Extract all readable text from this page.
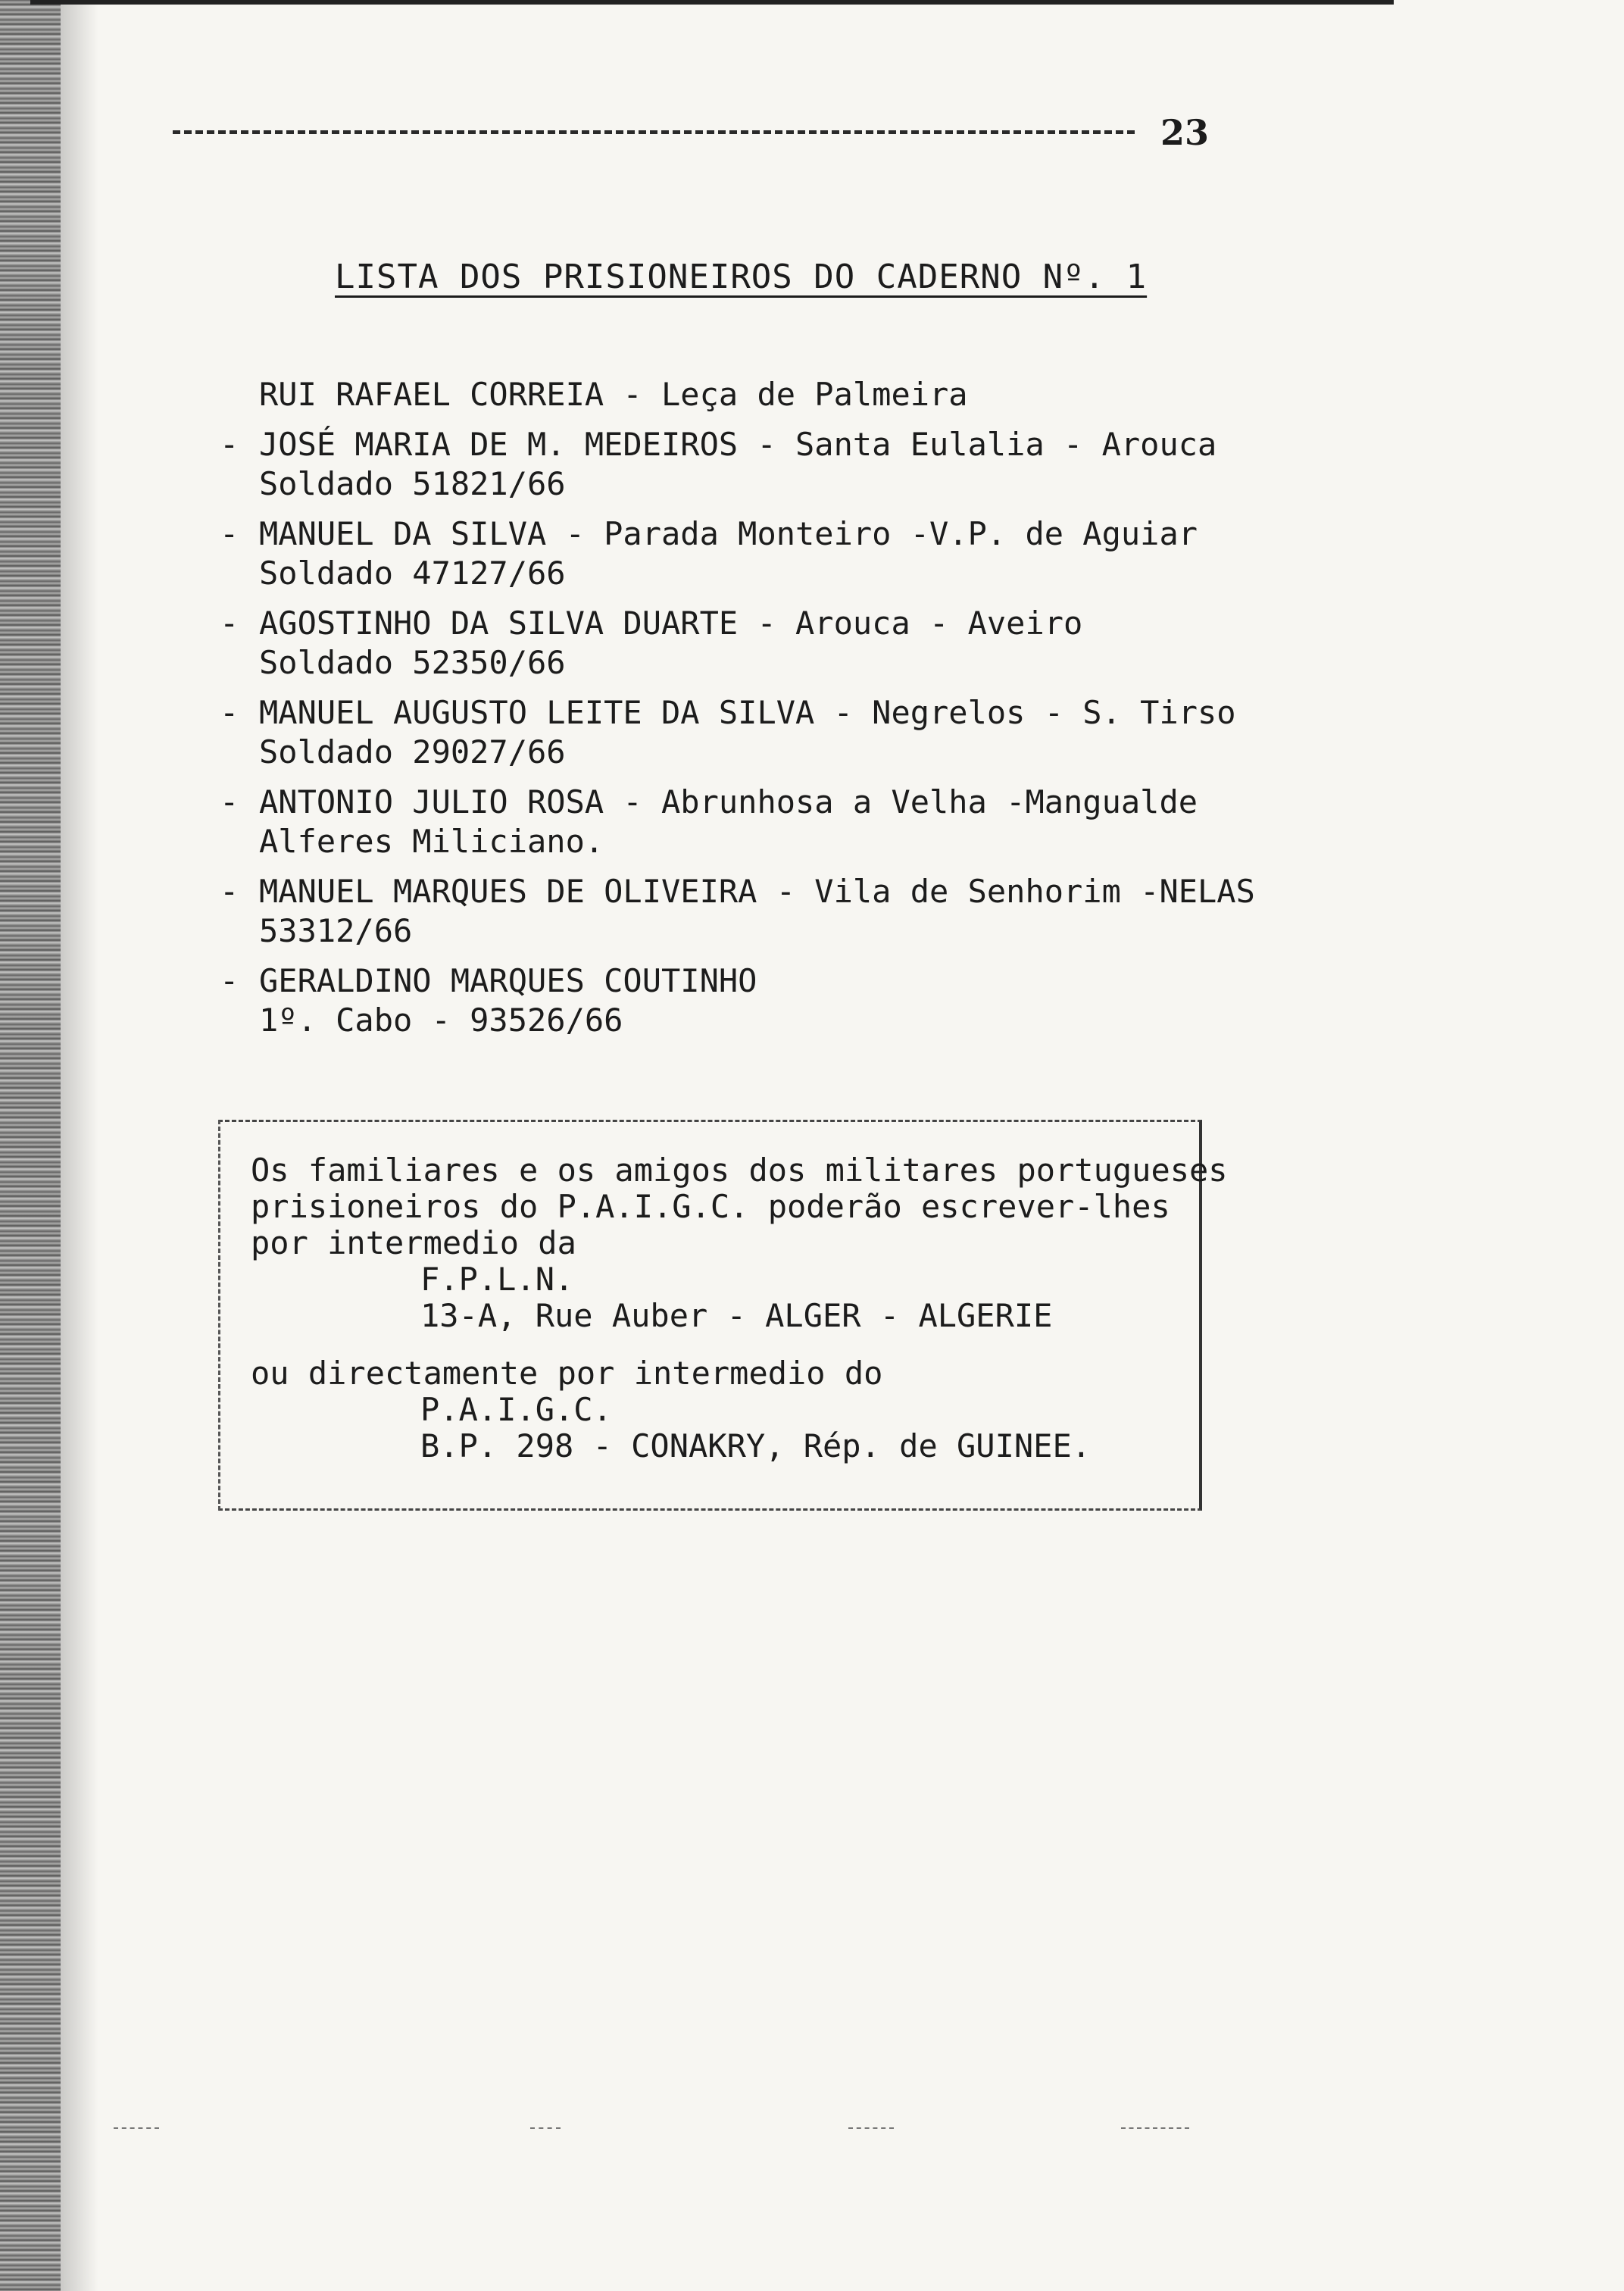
23
LISTA DOS PRISIONEIROS DO CADERNO Nº. 1
RUI RAFAEL CORREIA - Leça de Palmeira
- JOSÉ MARIA DE M. MEDEIROS - Santa Eulalia - Arouca
Soldado 51821/66
- MANUEL DA SILVA - Parada Monteiro -V.P. de Aguiar
Soldado 47127/66
- AGOSTINHO DA SILVA DUARTE - Arouca - Aveiro
Soldado 52350/66
- MANUEL AUGUSTO LEITE DA SILVA - Negrelos - S. Tirso
Soldado 29027/66
- ANTONIO JULIO ROSA - Abrunhosa a Velha -Mangualde
Alferes Miliciano.
- MANUEL MARQUES DE OLIVEIRA - Vila de Senhorim -NELAS
53312/66
- GERALDINO MARQUES COUTINHO
1º. Cabo - 93526/66
Os familiares e os amigos dos militares portugueses
prisioneiros do P.A.I.G.C. poderão escrever-lhes
por intermedio da
F.P.L.N.
13-A, Rue Auber - ALGER - ALGERIE
ou directamente por intermedio do
P.A.I.G.C.
B.P. 298 - CONAKRY, Rép. de GUINEE.
